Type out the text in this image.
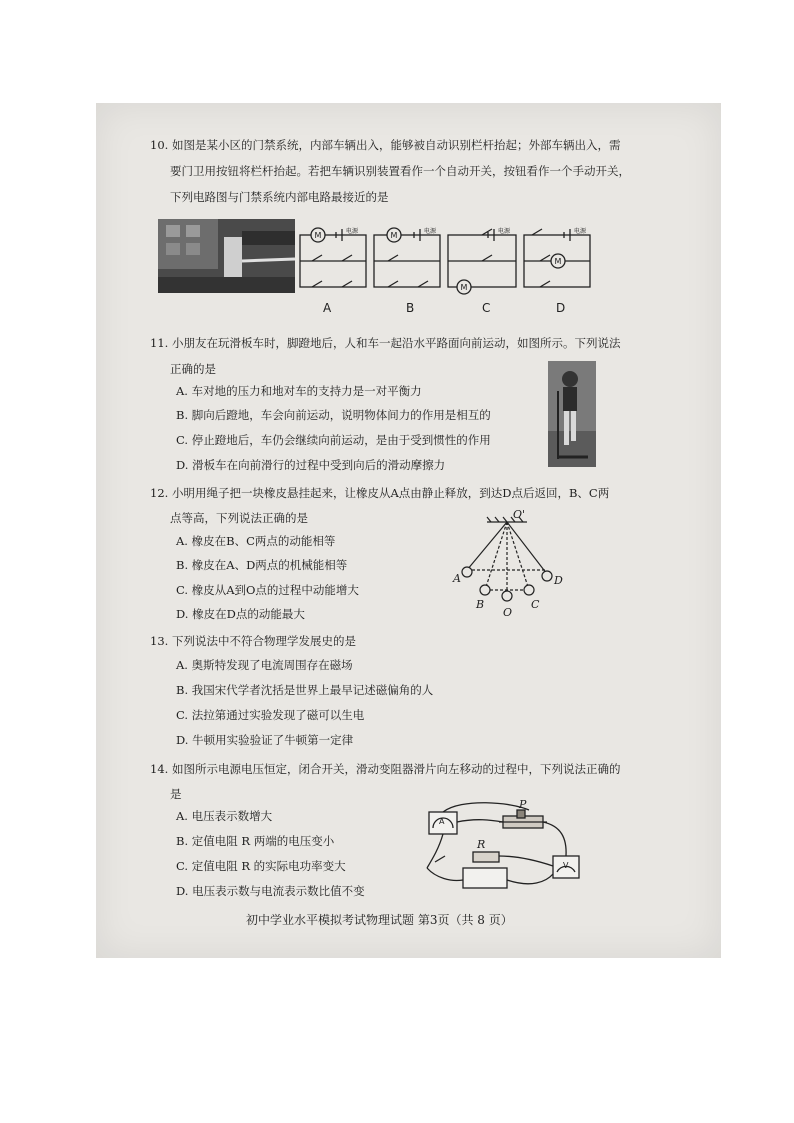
10. 如图是某小区的门禁系统，内部车辆出入，能够被自动识别栏杆抬起；外部车辆出入，需
要门卫用按钮将栏杆抬起。若把车辆识别装置看作一个自动开关，按钮看作一个手动开关，
下列电路图与门禁系统内部电路最接近的是
M	M
M
M
电源	电源	电源	电源
A	B	C	D
11. 小朋友在玩滑板车时，脚蹬地后，人和车一起沿水平路面向前运动，如图所示。下列说法
正确的是
A. 车对地的压力和地对车的支持力是一对平衡力
B. 脚向后蹬地，车会向前运动，说明物体间力的作用是相互的
C. 停止蹬地后，车仍会继续向前运动，是由于受到惯性的作用
D. 滑板车在向前滑行的过程中受到向后的滑动摩擦力
12. 小明用绳子把一块橡皮悬挂起来，让橡皮从A点由静止释放，到达D点后返回，B、C两
点等高，下列说法正确的是
A. 橡皮在B、C两点的动能相等
B. 橡皮在A、D两点的机械能相等
C. 橡皮从A到O点的过程中动能增大
D. 橡皮在D点的动能最大
O'
A
B
O
C
D
13. 下列说法中不符合物理学发展史的是
A. 奥斯特发现了电流周围存在磁场
B. 我国宋代学者沈括是世界上最早记述磁偏角的人
C. 法拉第通过实验发现了磁可以生电
D. 牛顿用实验验证了牛顿第一定律
14. 如图所示电源电压恒定，闭合开关，滑动变阻器滑片向左移动的过程中，下列说法正确的
是
A. 电压表示数增大
B. 定值电阻 R 两端的电压变小
C. 定值电阻 R 的实际电功率变大
D. 电压表示数与电流表示数比值不变
A
V
R
P
初中学业水平模拟考试物理试题 第3页（共 8 页）
